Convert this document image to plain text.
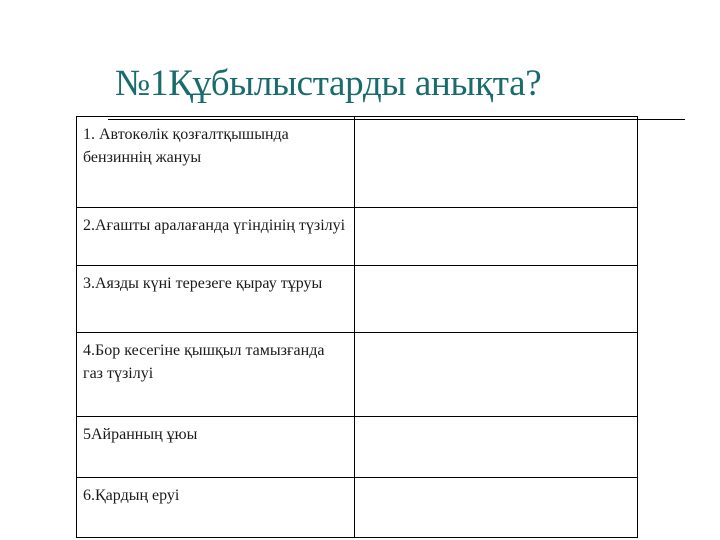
№1Құбылыстарды анықта?
1. Автокөлік қозғалтқышында бензиннің жануы	
2.Ағашты аралағанда үгіндінің түзілуі	
3.Аязды күні терезеге қырау тұруы	
4.Бор кесегіне қышқыл тамызғанда газ түзілуі	
5Айранның ұюы	
6.Қардың еруі	
